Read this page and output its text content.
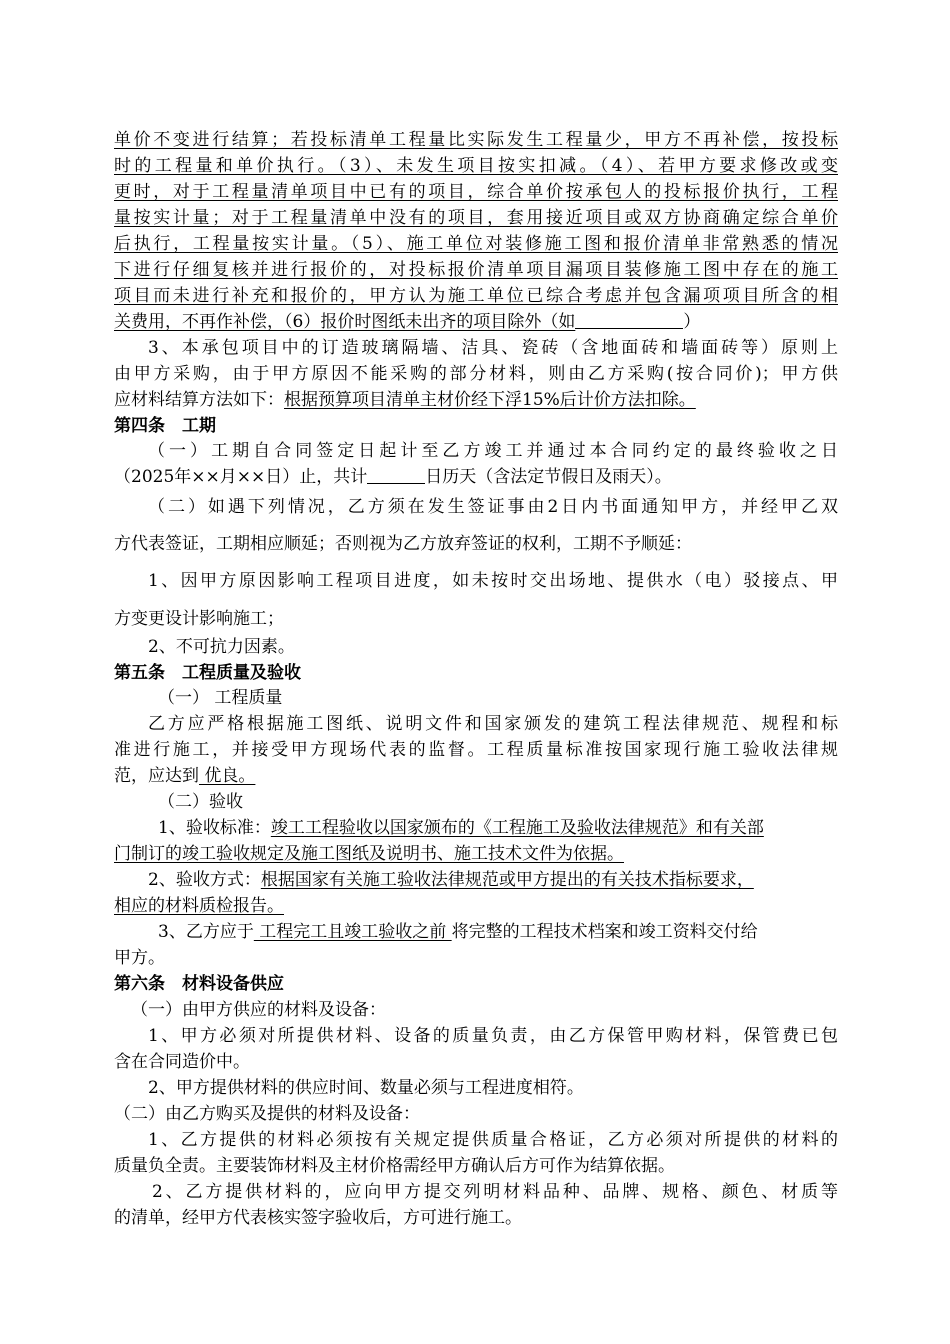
单价不变进行结算；若投标清单工程量比实际发生工程量少，甲方不再补偿，按投标
时的工程量和单价执行。（3）、未发生项目按实扣减。（4）、若甲方要求修改或变
更时，对于工程量清单项目中已有的项目，综合单价按承包人的投标报价执行，工程
量按实计量；对于工程量清单中没有的项目，套用接近项目或双方协商确定综合单价
后执行，工程量按实计量。（5）、施工单位对装修施工图和报价清单非常熟悉的情况
下进行仔细复核并进行报价的，对投标报价清单项目漏项目装修施工图中存在的施工
项目而未进行补充和报价的，甲方认为施工单位已综合考虑并包含漏项项目所含的相
关费用，不再作补偿，（6）报价时图纸未出齐的项目除外（如	）
3、本承包项目中的订造玻璃隔墙、洁具、瓷砖（含地面砖和墙面砖等）原则上
由甲方采购，由于甲方原因不能采购的部分材料，则由乙方采购(按合同价)；甲方供
应材料结算方法如下：根据预算项目清单主材价经下浮15%后计价方法扣除。
第四条　工期
（一）工期自合同签定日起计至乙方竣工并通过本合同约定的最终验收之日
（2025年××月××日）止，共计	日历天（含法定节假日及雨天）。
（二）如遇下列情况，乙方须在发生签证事由2日内书面通知甲方，并经甲乙双
方代表签证，工期相应顺延；否则视为乙方放弃签证的权利，工期不予顺延：
1、因甲方原因影响工程项目进度，如未按时交出场地、提供水（电）驳接点、甲
方变更设计影响施工；
2、不可抗力因素。
第五条　工程质量及验收
（一） 工程质量
乙方应严格根据施工图纸、说明文件和国家颁发的建筑工程法律规范、规程和标
准进行施工，并接受甲方现场代表的监督。工程质量标准按国家现行施工验收法律规
范，应达到 优良。
（二）验收
1、验收标准：竣工工程验收以国家颁布的《工程施工及验收法律规范》和有关部
门制订的竣工验收规定及施工图纸及说明书、施工技术文件为依据。
2、验收方式：根据国家有关施工验收法律规范或甲方提出的有关技术指标要求，
相应的材料质检报告。
3、乙方应于 工程完工且竣工验收之前 将完整的工程技术档案和竣工资料交付给
甲方。
第六条　材料设备供应
（一）由甲方供应的材料及设备：
1、甲方必须对所提供材料、设备的质量负责，由乙方保管甲购材料，保管费已包
含在合同造价中。
2、甲方提供材料的供应时间、数量必须与工程进度相符。
（二）由乙方购买及提供的材料及设备：
1、乙方提供的材料必须按有关规定提供质量合格证，乙方必须对所提供的材料的
质量负全责。主要装饰材料及主材价格需经甲方确认后方可作为结算依据。
2、乙方提供材料的，应向甲方提交列明材料品种、品牌、规格、颜色、材质等
的清单，经甲方代表核实签字验收后，方可进行施工。
